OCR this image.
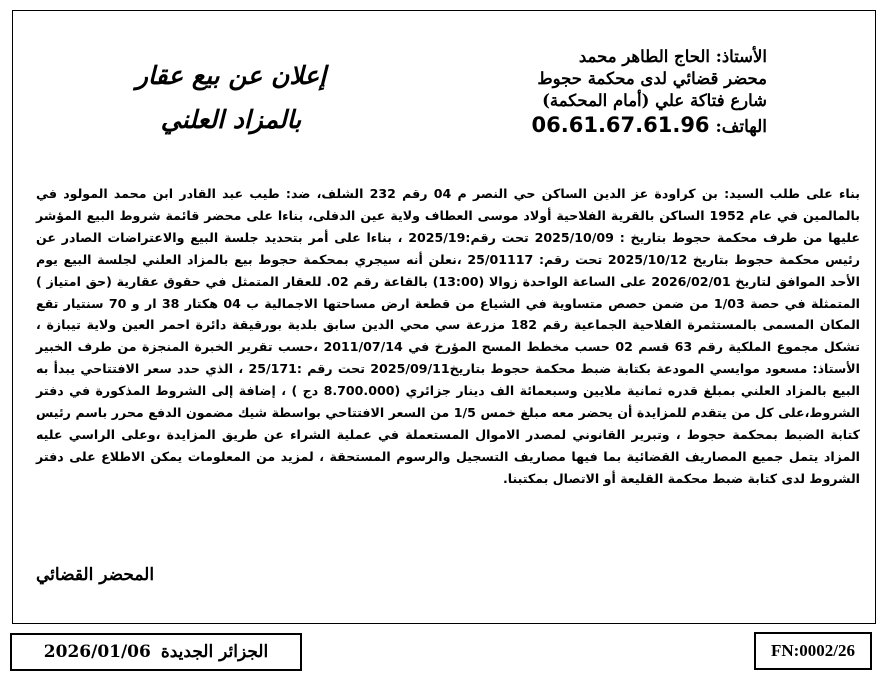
الأستاذ: الحاج الطاهر محمد
محضر قضائي لدى محكمة حجوط
شارع فتاكة علي (أمام المحكمة)
الهاتف: 06.61.67.61.96
إعلان عن بيع عقار
بالمزاد العلني
بناء على طلب السيد: بن كراودة عز الدين الساكن حي النصر م 04 رقم 232 الشلف، ضد: طيب عبد القادر ابن محمد المولود في بالمالمين في عام 1952 الساكن بالقرية الفلاحية أولاد موسى العطاف ولاية عين الدفلى، بناءا على محضر قائمة شروط البيع المؤشر عليها من طرف محكمة حجوط بتاريخ : 2025/10/09 تحت رقم:2025/19 ، بناءا على أمر بتحديد جلسة البيع والاعتراضات الصادر عن رئيس محكمة حجوط بتاريخ 2025/10/12 تحت رقم: 25/01117 ،نعلن أنه سيجري بمحكمة حجوط بيع بالمزاد العلني لجلسة البيع يوم الأحد الموافق لتاريخ 2026/02/01 على الساعة الواحدة زوالا (13:00) بالقاعة رقم 02. للعقار المتمثل في حقوق عقارية (حق امتياز ) المتمثلة في حصة 1/03 من ضمن حصص متساوية في الشياع من قطعة ارض مساحتها الاجمالية ب 04 هكتار 38 ار و 70 سنتيار تقع المكان المسمى بالمستثمرة الفلاحية الجماعية رقم 182 مزرعة سي محي الدين سابق بلدية بورقيقة دائرة احمر العين ولاية تيبازة ، تشكل مجموع الملكية رقم 63 قسم 02 حسب مخطط المسح المؤرخ في 2011/07/14 ،حسب تقرير الخبرة المنجزة من طرف الخبير الأستاذ: مسعود موايسي المودعة بكتابة ضبط محكمة حجوط بتاريخ2025/09/11 تحت رقم :25/171 ، الذي حدد سعر الافتتاحي يبدأ به البيع بالمزاد العلني بمبلغ قدره ثمانية ملايين وسبعمائة الف دينار جزائري (8.700.000 دج ) ، إضافة إلى الشروط المذكورة في دفتر الشروط،على كل من يتقدم للمزايدة أن يحضر معه مبلغ خمس 1/5 من السعر الافتتاحي بواسطة شيك مضمون الدفع محرر باسم رئيس كتابة الضبط بمحكمة حجوط ، وتبرير القانوني لمصدر الاموال المستعملة في عملية الشراء عن طريق المزايدة ،وعلى الراسي عليه المزاد يتمل جميع المصاريف القضائية بما فيها مصاريف التسجيل والرسوم المستحقة ، لمزيد من المعلومات يمكن الاطلاع على دفتر الشروط لدى كتابة ضبط محكمة القليعة أو الاتصال بمكتبنا.
المحضر القضائي
الجزائر الجديدة
2026/01/06	FN:0002/26
